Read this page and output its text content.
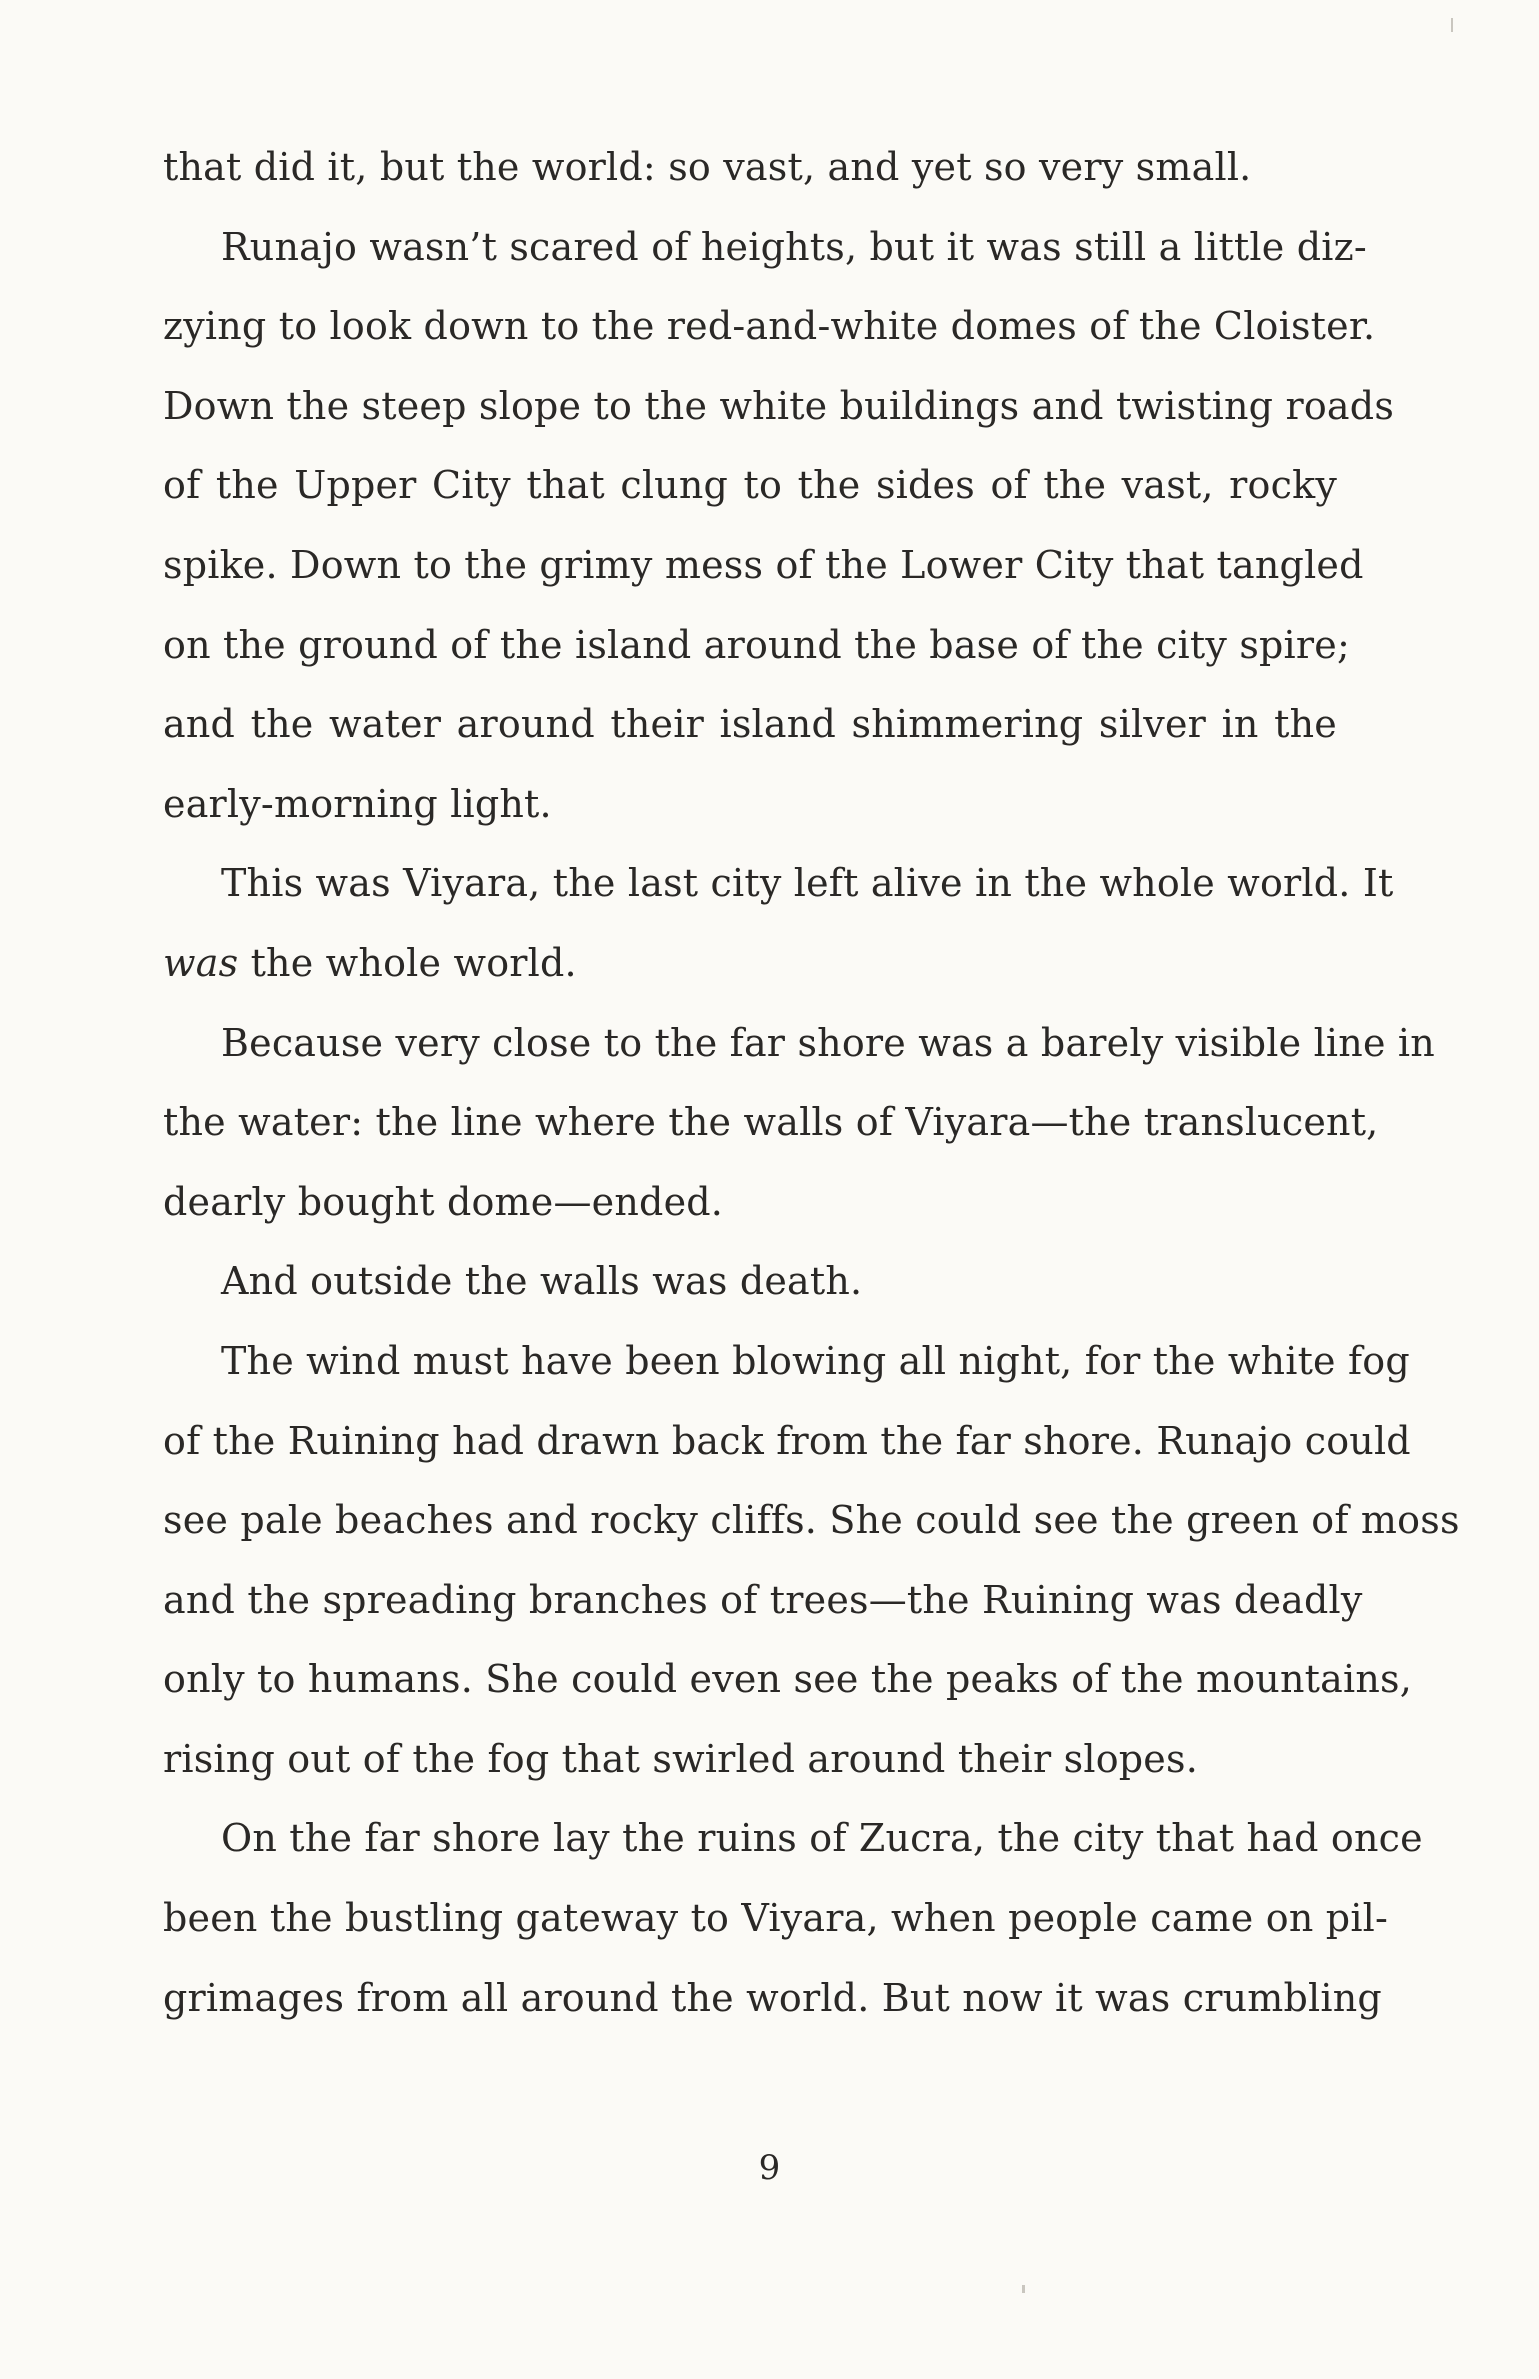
that did it, but the world: so vast, and yet so very small.
Runajo wasn’t scared of heights, but it was still a little diz-
zying to look down to the red-and-white domes of the Cloister.
Down the steep slope to the white buildings and twisting roads
of the Upper City that clung to the sides of the vast, rocky
spike. Down to the grimy mess of the Lower City that tangled
on the ground of the island around the base of the city spire;
and the water around their island shimmering silver in the
early-morning light.
This was Viyara, the last city left alive in the whole world. It
was the whole world.
Because very close to the far shore was a barely visible line in
the water: the line where the walls of Viyara—the translucent,
dearly bought dome—ended.
And outside the walls was death.
The wind must have been blowing all night, for the white fog
of the Ruining had drawn back from the far shore. Runajo could
see pale beaches and rocky cliffs. She could see the green of moss
and the spreading branches of trees—the Ruining was deadly
only to humans. She could even see the peaks of the mountains,
rising out of the fog that swirled around their slopes.
On the far shore lay the ruins of Zucra, the city that had once
been the bustling gateway to Viyara, when people came on pil-
grimages from all around the world. But now it was crumbling
9
